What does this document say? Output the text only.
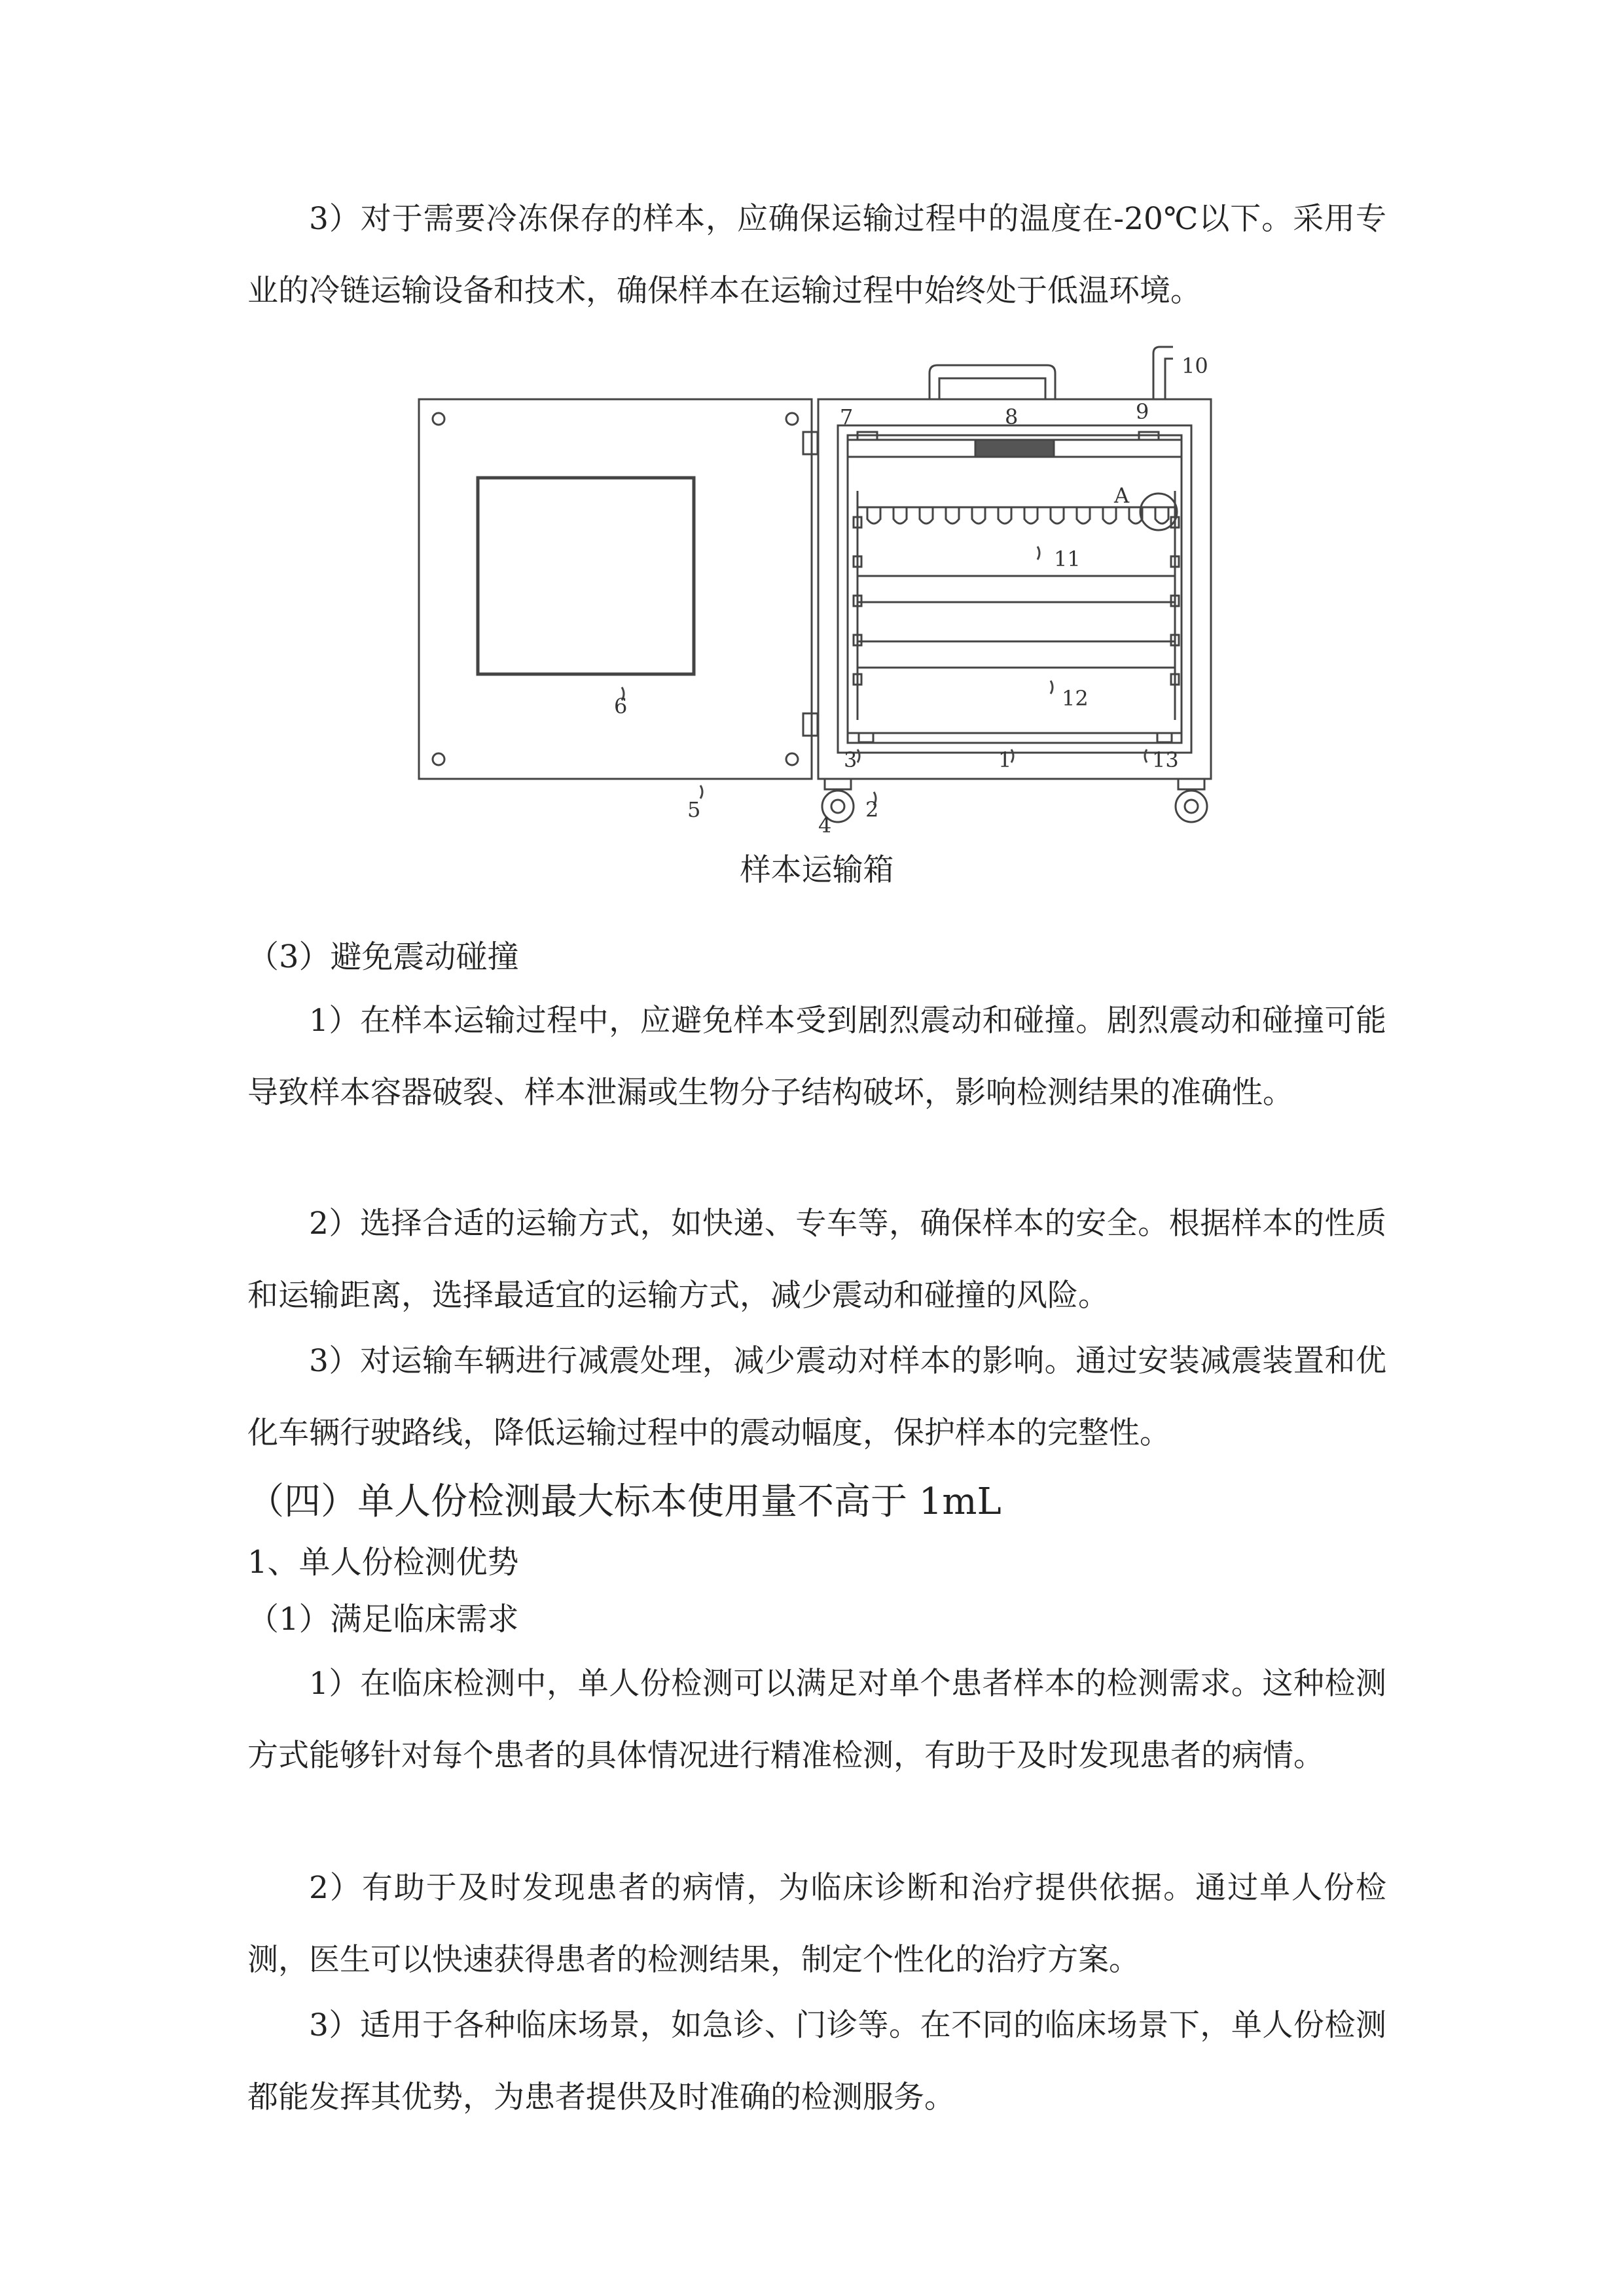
3）对于需要冷冻保存的样本，应确保运输过程中的温度在-20℃以下。采用专业的冷链运输设备和技术，确保样本在运输过程中始终处于低温环境。

6
5
7	8	9
10
A
11
12
3	1	13
2
4

样本运输箱

（3）避免震动碰撞

1）在样本运输过程中，应避免样本受到剧烈震动和碰撞。剧烈震动和碰撞可能导致样本容器破裂、样本泄漏或生物分子结构破坏，影响检测结果的准确性。

2）选择合适的运输方式，如快递、专车等，确保样本的安全。根据样本的性质和运输距离，选择最适宜的运输方式，减少震动和碰撞的风险。

3）对运输车辆进行减震处理，减少震动对样本的影响。通过安装减震装置和优化车辆行驶路线，降低运输过程中的震动幅度，保护样本的完整性。

（四）单人份检测最大标本使用量不高于 1mL

1、单人份检测优势

（1）满足临床需求

1）在临床检测中，单人份检测可以满足对单个患者样本的检测需求。这种检测方式能够针对每个患者的具体情况进行精准检测，有助于及时发现患者的病情。

2）有助于及时发现患者的病情，为临床诊断和治疗提供依据。通过单人份检测，医生可以快速获得患者的检测结果，制定个性化的治疗方案。

3）适用于各种临床场景，如急诊、门诊等。在不同的临床场景下，单人份检测都能发挥其优势，为患者提供及时准确的检测服务。
